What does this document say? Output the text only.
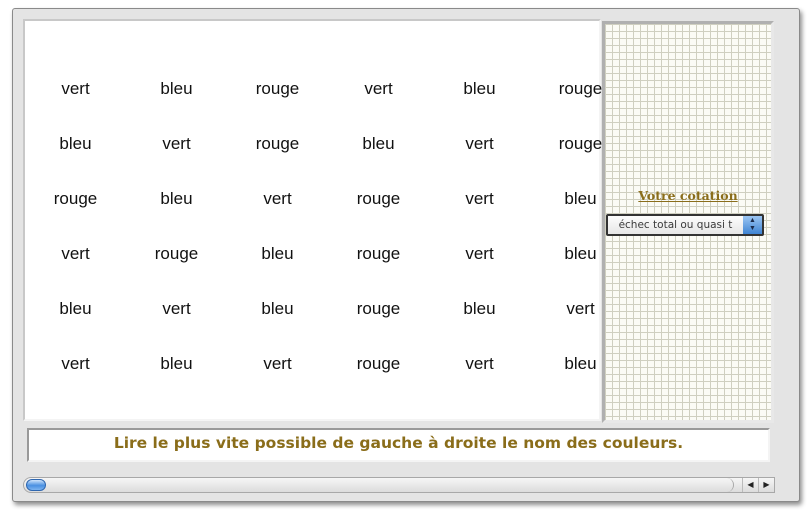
vert	bleu	rouge	vert	bleu	rouge
bleu	vert	rouge	bleu	vert	rouge
rouge	bleu	vert	rouge	vert	bleu
vert	rouge	bleu	rouge	vert	bleu
bleu	vert	bleu	rouge	bleu	vert
vert	bleu	vert	rouge	vert	bleu
Votre cotation
échec total ou quasi t	▲
▼
Lire le plus vite possible de gauche à droite le nom des couleurs.
◀	▶
